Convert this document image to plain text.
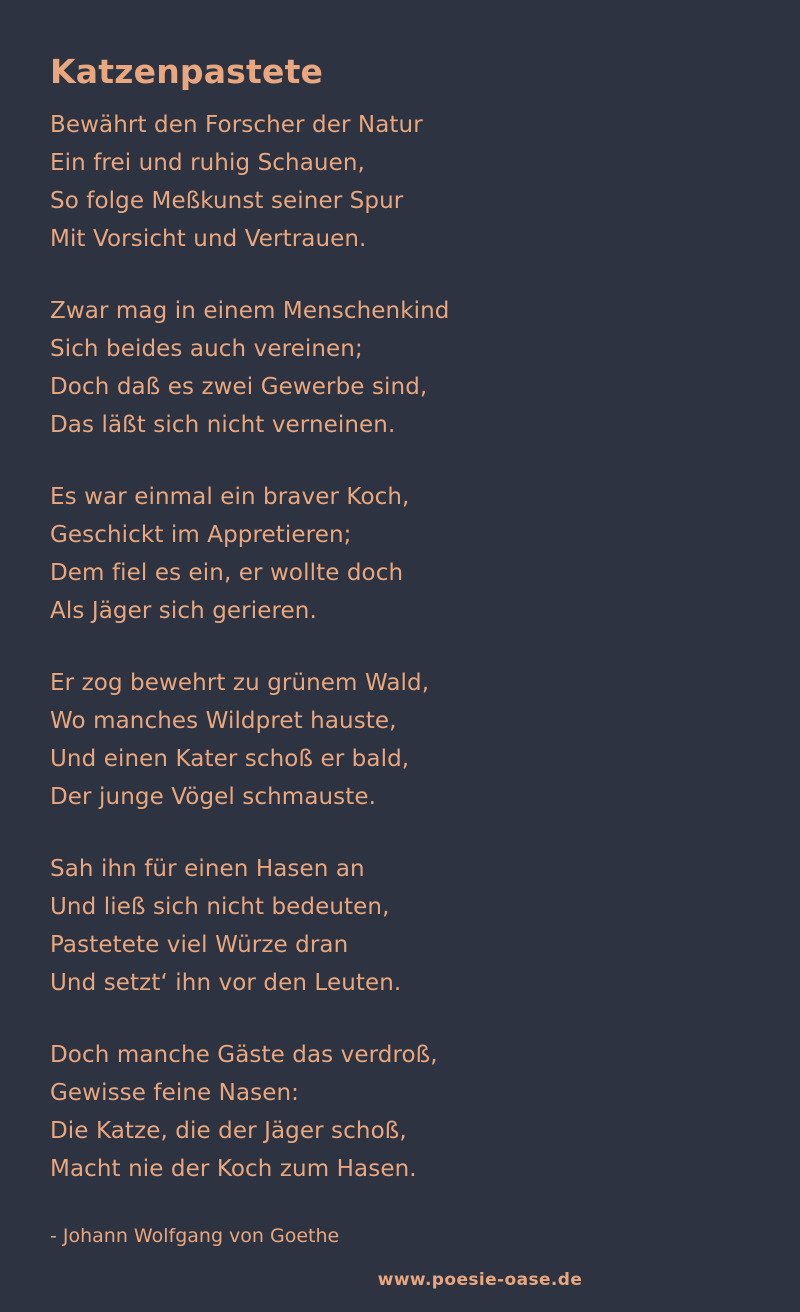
Katzenpastete
Bewährt den Forscher der Natur
Ein frei und ruhig Schauen,
So folge Meßkunst seiner Spur
Mit Vorsicht und Vertrauen.
Zwar mag in einem Menschenkind
Sich beides auch vereinen;
Doch daß es zwei Gewerbe sind,
Das läßt sich nicht verneinen.
Es war einmal ein braver Koch,
Geschickt im Appretieren;
Dem fiel es ein, er wollte doch
Als Jäger sich gerieren.
Er zog bewehrt zu grünem Wald,
Wo manches Wildpret hauste,
Und einen Kater schoß er bald,
Der junge Vögel schmauste.
Sah ihn für einen Hasen an
Und ließ sich nicht bedeuten,
Pastetete viel Würze dran
Und setzt‘ ihn vor den Leuten.
Doch manche Gäste das verdroß,
Gewisse feine Nasen:
Die Katze, die der Jäger schoß,
Macht nie der Koch zum Hasen.
- Johann Wolfgang von Goethe
www.poesie-oase.de
